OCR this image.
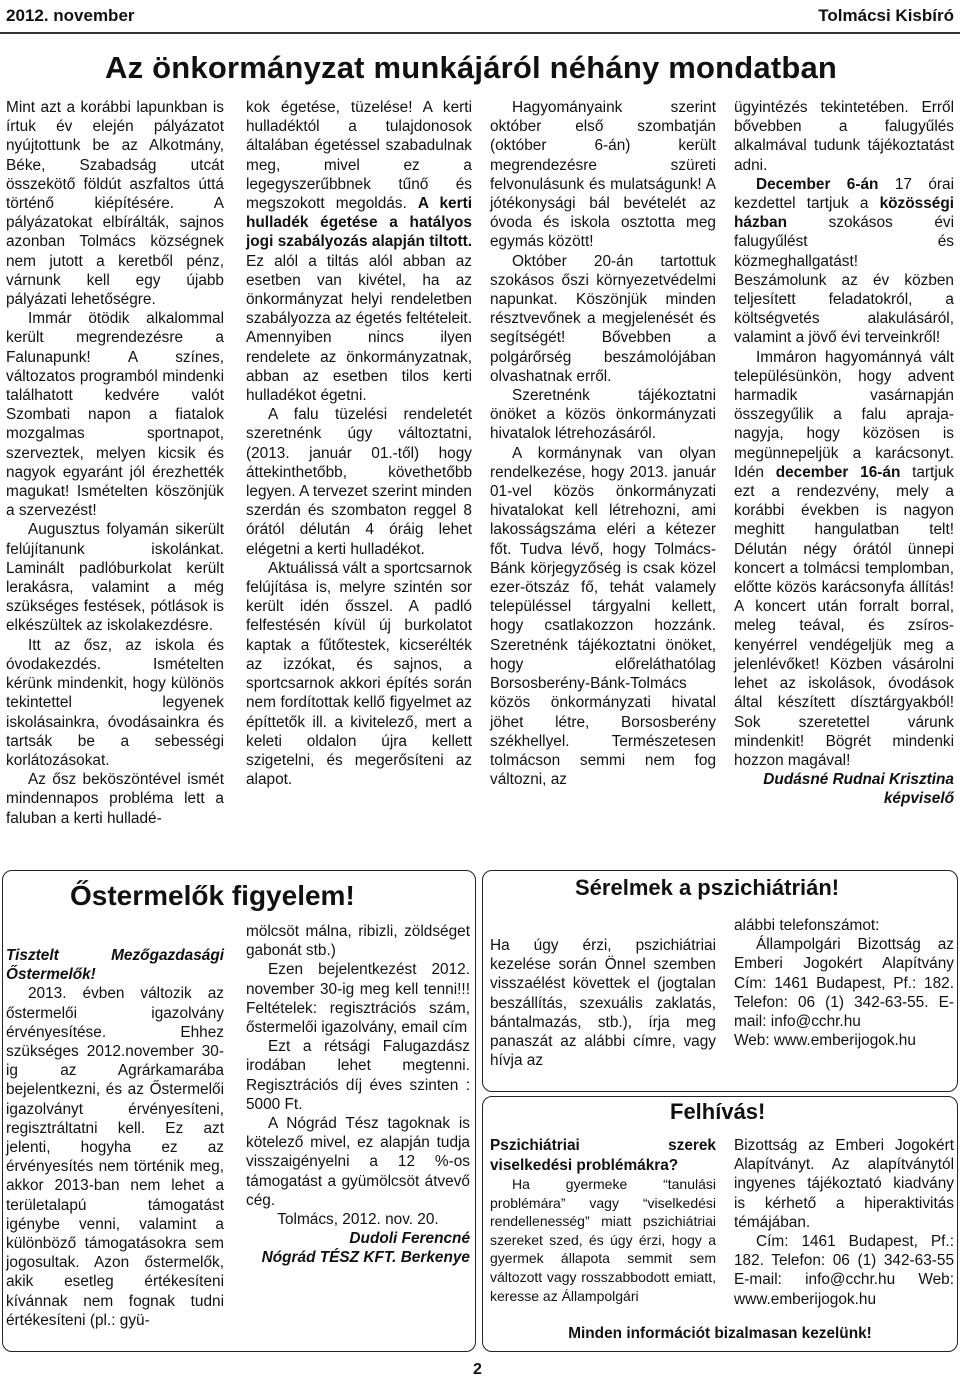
2012. november	Tolmácsi Kisbíró
Az önkormányzat munkájáról néhány mondatban

Mint azt a korábbi lapunkban is írtuk év elején pályázatot nyújtottunk be az Alkotmány, Béke, Szabadság utcát összekötő földút aszfaltos úttá történő kiépítésére. A pályázatokat elbírálták, sajnos azonban Tolmács községnek nem jutott a keretből pénz, várnunk kell egy újabb pályázati lehetőségre.

Immár ötödik alkalommal került megrendezésre a Falunapunk! A színes, változatos programból mindenki találhatott kedvére valót Szombati napon a fiatalok mozgalmas sportnapot, szerveztek, melyen kicsik és nagyok egyaránt jól érezhették magukat! Ismételten köszönjük a szervezést!

Augusztus folyamán sikerült felújítanunk iskolánkat. Laminált padlóburkolat került lerakásra, valamint a még szükséges festések, pótlások is elkészültek az iskolakezdésre.

Itt az ősz, az iskola és óvodakezdés. Ismételten kérünk mindenkit, hogy különös tekintettel legyenek iskolásainkra, óvodásainkra és tartsák be a sebességi korlátozásokat.

Az ősz beköszöntével ismét mindennapos probléma lett a faluban a kerti hulladé-

kok égetése, tüzelése! A kerti hulladéktól a tulajdonosok általában égetéssel szabadulnak meg, mivel ez a legegyszerűbbnek tűnő és megszokott megoldás. A kerti hulladék égetése a hatályos jogi szabályozás alapján tiltott. Ez alól a tiltás alól abban az esetben van kivétel, ha az önkormányzat helyi rendeletben szabályozza az égetés feltételeit. Amennyiben nincs ilyen rendelete az önkormányzatnak, abban az esetben tilos kerti hulladékot égetni.

A falu tüzelési rendeletét szeretnénk úgy változtatni, (2013. január 01.-től) hogy áttekinthetőbb, követhetőbb legyen. A tervezet szerint minden szerdán és szombaton reggel 8 órától délután 4 óráig lehet elégetni a kerti hulladékot.

Aktuálissá vált a sportcsarnok felújítása is, melyre szintén sor került idén ősszel. A padló felfestésén kívül új burkolatot kaptak a fűtőtestek, kicserélték az izzókat, és sajnos, a sportcsarnok akkori építés során nem fordítottak kellő figyelmet az építtetők ill. a kivitelező, mert a keleti oldalon újra kellett szigetelni, és megerősíteni az alapot.

Hagyományaink szerint október első szombatján (október 6-án) került megrendezésre szüreti felvonulásunk és mulatságunk! A jótékonysági bál bevételét az óvoda és iskola osztotta meg egymás között!

Október 20-án tartottuk szokásos őszi környezetvédelmi napunkat. Köszönjük minden résztvevőnek a megjelenését és segítségét! Bővebben a polgárőrség beszámolójában olvashatnak erről.

Szeretnénk tájékoztatni önöket a közös önkormányzati hivatalok létrehozásáról.

A kormánynak van olyan rendelkezése, hogy 2013. január 01-vel közös önkormányzati hivatalokat kell létrehozni, ami lakosságszáma eléri a kétezer főt. Tudva lévő, hogy Tolmács-Bánk körjegyzőség is csak közel ezer-ötszáz fő, tehát valamely településsel tárgyalni kellett, hogy csatlakozzon hozzánk. Szeretnénk tájékoztatni önöket, hogy előreláthatólag Borsosberény-Bánk-Tolmács közös önkormányzati hivatal jöhet létre, Borsosberény székhellyel. Természetesen tolmácson semmi nem fog változni, az

ügyintézés tekintetében. Erről bővebben a falugyűlés alkalmával tudunk tájékoztatást adni.

December 6-án 17 órai kezdettel tartjuk a közösségi házban szokásos évi falugyűlést és közmeghallgatást! Beszámolunk az év közben teljesített feladatokról, a költségvetés alakulásáról, valamint a jövő évi terveinkről!

Immáron hagyománnyá vált településünkön, hogy advent harmadik vasárnapján összegyűlik a falu apraja-nagyja, hogy közösen is megünnepeljük a karácsonyt. Idén december 16-án tartjuk ezt a rendezvény, mely a korábbi években is nagyon meghitt hangulatban telt! Délután négy órától ünnepi koncert a tolmácsi templomban, előtte közös karácsonyfa állítás! A koncert után forralt borral, meleg teával, és zsíros-kenyérrel vendégeljük meg a jelenlévőket! Közben vásárolni lehet az iskolások, óvodások által készített dísztárgyakból! Sok szeretettel várunk mindenkit! Bögrét mindenki hozzon magával!

Dudásné Rudnai Krisztina
képviselő
Őstermelők figyelem!

Tisztelt Mezőgazdasági Őstermelők!

2013. évben változik az őstermelői igazolvány érvényesítése. Ehhez szükséges 2012.november 30-ig az Agrárkamarába bejelentkezni, és az Őstermelői igazolványt érvényesíteni, regisztráltatni kell. Ez azt jelenti, hogyha ez az érvényesítés nem történik meg, akkor 2013-ban nem lehet a területalapú támogatást igénybe venni, valamint a különböző támogatásokra sem jogosultak. Azon őstermelők, akik esetleg értékesíteni kívánnak nem fognak tudni értékesíteni (pl.: gyü-

mölcsöt málna, ribizli, zöldséget gabonát stb.)

Ezen bejelentkezést 2012. november 30-ig meg kell tenni!!! Feltételek: regisztrációs szám, őstermelői igazolvány, email cím

Ezt a rétsági Falugazdász irodában lehet megtenni. Regisztrációs díj éves szinten : 5000 Ft.

A Nógrád Tész tagoknak is kötelező mivel, ez alapján tudja visszaigényelni a 12 %-os támogatást a gyümölcsöt átvevő cég.

Tolmács, 2012. nov. 20.
Dudoli Ferencné
Nógrád TÉSZ KFT. Berkenye
Sérelmek a pszichiátrián!

Ha úgy érzi, pszichiátriai kezelése során Önnel szemben visszaélést követtek el (jogtalan beszállítás, szexuális zaklatás, bántalmazás, stb.), írja meg panaszát az alábbi címre, vagy hívja az

alábbi telefonszámot:

Állampolgári Bizottság az Emberi Jogokért Alapítvány Cím: 1461 Budapest, Pf.: 182. Telefon: 06 (1) 342-63-55. E-mail: info@cchr.hu

Web: www.emberijogok.hu

Felhívás!

Pszichiátriai szerek viselkedési problémákra?

Ha gyermeke “tanulási problémára” vagy “viselkedési rendellenesség” miatt pszichiátriai szereket szed, és úgy érzi, hogy a gyermek állapota semmit sem változott vagy rosszabbodott emiatt, keresse az Állampolgári

Bizottság az Emberi Jogokért Alapítványt. Az alapítványtól ingyenes tájékoztató kiadvány is kérhető a hiperaktivitás témájában.

Cím: 1461 Budapest, Pf.: 182. Telefon: 06 (1) 342-63-55 E-mail: info@cchr.hu Web: www.emberijogok.hu

Minden információt bizalmasan kezelünk!
2
